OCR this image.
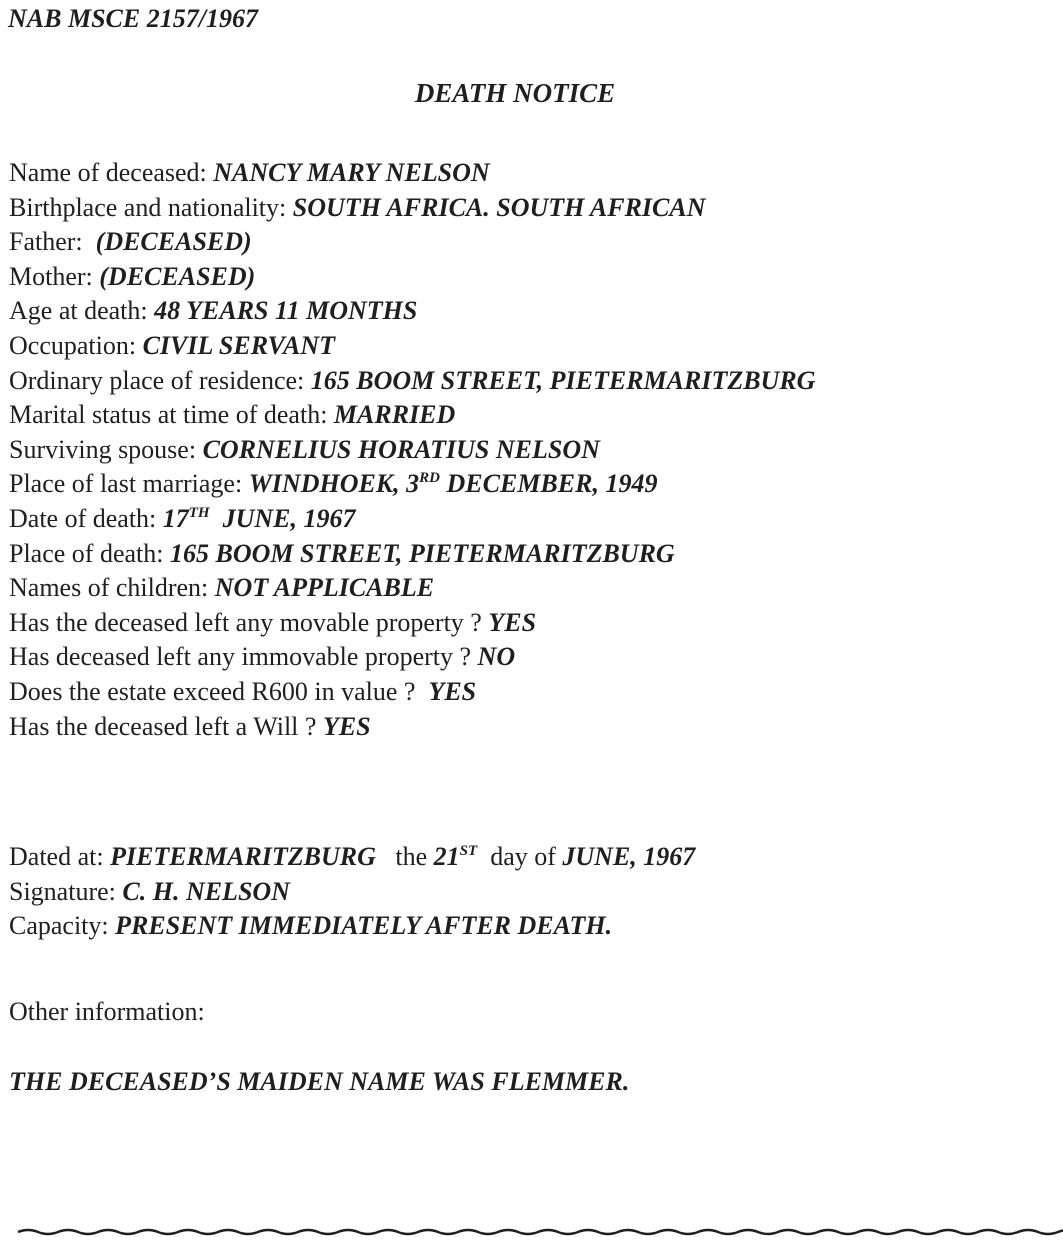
NAB MSCE 2157/1967

DEATH NOTICE
Name of deceased: NANCY MARY NELSON
Birthplace and nationality: SOUTH AFRICA. SOUTH AFRICAN
Father: (DECEASED)
Mother: (DECEASED)
Age at death: 48 YEARS 11 MONTHS
Occupation: CIVIL SERVANT
Ordinary place of residence: 165 BOOM STREET, PIETERMARITZBURG
Marital status at time of death: MARRIED
Surviving spouse: CORNELIUS HORATIUS NELSON
Place of last marriage: WINDHOEK, 3RD DECEMBER, 1949
Date of death: 17TH  JUNE, 1967
Place of death: 165 BOOM STREET, PIETERMARITZBURG
Names of children: NOT APPLICABLE
Has the deceased left any movable property ? YES
Has deceased left any immovable property ? NO
Does the estate exceed R600 in value ? YES
Has the deceased left a Will ? YES
Dated at: PIETERMARITZBURG the 21ST day of JUNE, 1967
Signature: C. H. NELSON
Capacity: PRESENT IMMEDIATELY AFTER DEATH.

Other information:

THE DECEASED’S MAIDEN NAME WAS FLEMMER.
